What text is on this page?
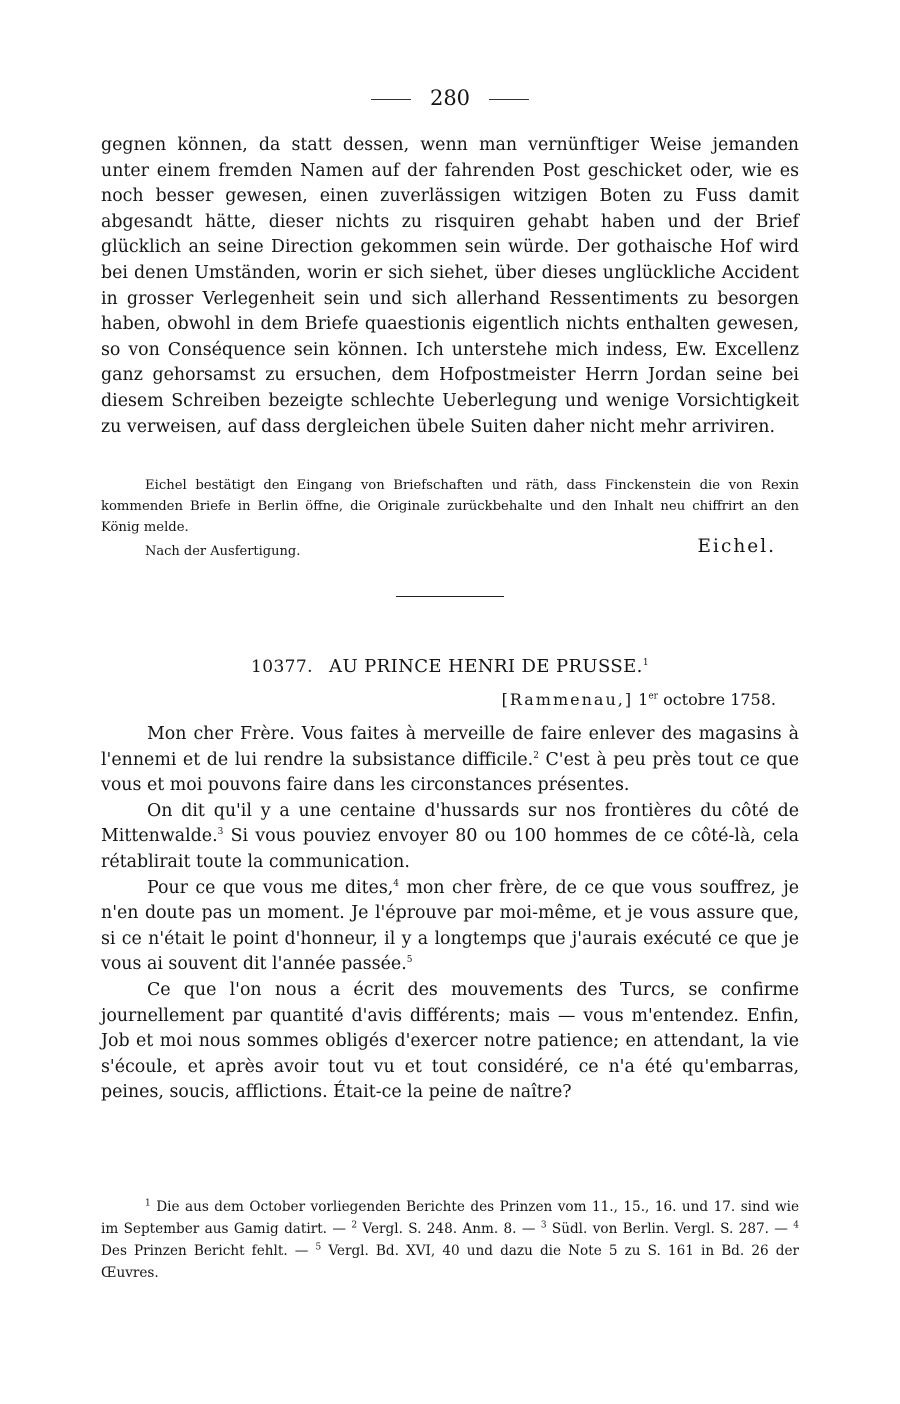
280

gegnen können, da statt dessen, wenn man vernünftiger Weise jemanden unter einem fremden Namen auf der fahrenden Post geschicket oder, wie es noch besser gewesen, einen zuverlässigen witzigen Boten zu Fuss damit abgesandt hätte, dieser nichts zu risquiren gehabt haben und der Brief glücklich an seine Direction gekommen sein würde. Der gothaische Hof wird bei denen Umständen, worin er sich siehet, über dieses unglückliche Accident in grosser Verlegenheit sein und sich allerhand Ressentiments zu besorgen haben, obwohl in dem Briefe quaestionis eigentlich nichts enthalten gewesen, so von Conséquence sein können. Ich unterstehe mich indess, Ew. Excellenz ganz gehorsamst zu ersuchen, dem Hofpostmeister Herrn Jordan seine bei diesem Schreiben bezeigte schlechte Ueberlegung und wenige Vorsichtigkeit zu verweisen, auf dass dergleichen übele Suiten daher nicht mehr arriviren.

Eichel bestätigt den Eingang von Briefschaften und räth, dass Finckenstein die von Rexin kommenden Briefe in Berlin öffne, die Originale zurückbehalte und den Inhalt neu chiffrirt an den König melde.
Nach der Ausfertigung.	Eichel.
10377. AU PRINCE HENRI DE PRUSSE.$^1$
[Rammenau,] 1er octobre 1758.

Mon cher Frère. Vous faites à merveille de faire enlever des magasins à l'ennemi et de lui rendre la subsistance difficile.$^2$ C'est à peu près tout ce que vous et moi pouvons faire dans les circonstances présentes.

On dit qu'il y a une centaine d'hussards sur nos frontières du côté de Mittenwalde.$^3$ Si vous pouviez envoyer 80 ou 100 hommes de ce côté-là, cela rétablirait toute la communication.

Pour ce que vous me dites,$^4$ mon cher frère, de ce que vous souffrez, je n'en doute pas un moment. Je l'éprouve par moi-même, et je vous assure que, si ce n'était le point d'honneur, il y a longtemps que j'aurais exécuté ce que je vous ai souvent dit l'année passée.$^5$

Ce que l'on nous a écrit des mouvements des Turcs, se confirme journellement par quantité d'avis différents; mais — vous m'entendez. Enfin, Job et moi nous sommes obligés d'exercer notre patience; en attendant, la vie s'écoule, et après avoir tout vu et tout considéré, ce n'a été qu'embarras, peines, soucis, afflictions. Était-ce la peine de naître?

$^1$ Die aus dem October vorliegenden Berichte des Prinzen vom 11., 15., 16. und 17. sind wie im September aus Gamig datirt. — $^2$ Vergl. S. 248. Anm. 8. — $^3$ Südl. von Berlin. Vergl. S. 287. — $^4$ Des Prinzen Bericht fehlt. — $^5$ Vergl. Bd. XVI, 40 und dazu die Note 5 zu S. 161 in Bd. 26 der Œuvres.
